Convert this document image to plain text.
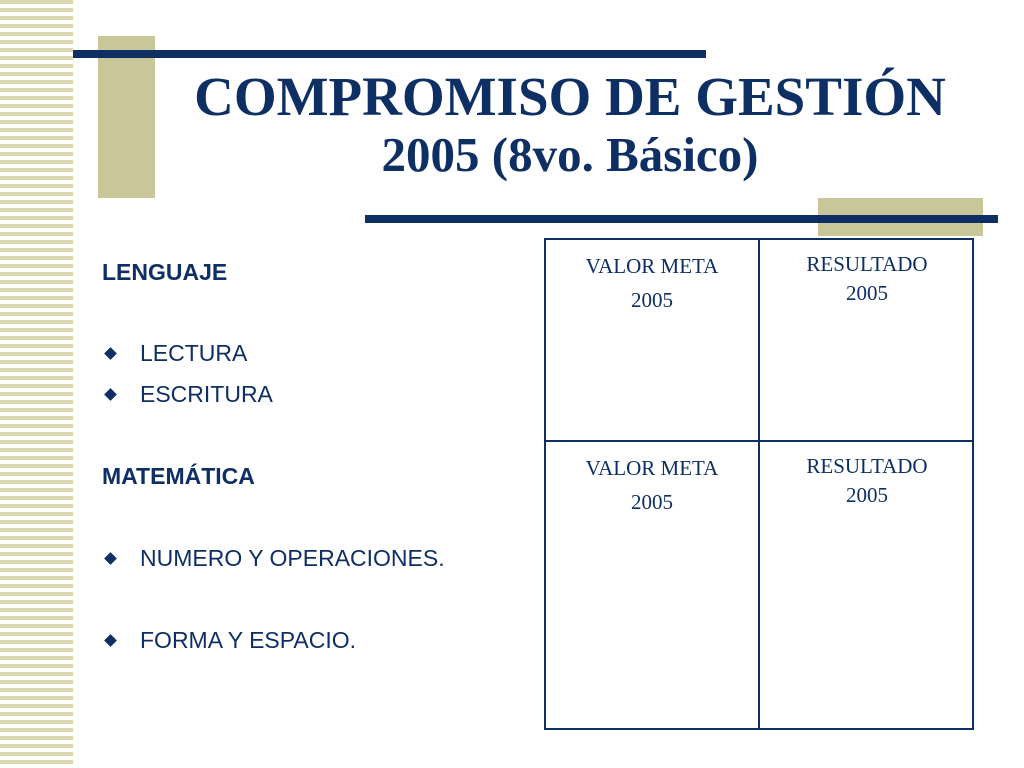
COMPROMISO DE GESTIÓN
2005 (8vo. Básico)
LENGUAJE
LECTURA
ESCRITURA
MATEMÁTICA
NUMERO Y OPERACIONES.
FORMA Y ESPACIO.
VALOR META
2005
RESULTADO
2005
VALOR META
2005
RESULTADO
2005
